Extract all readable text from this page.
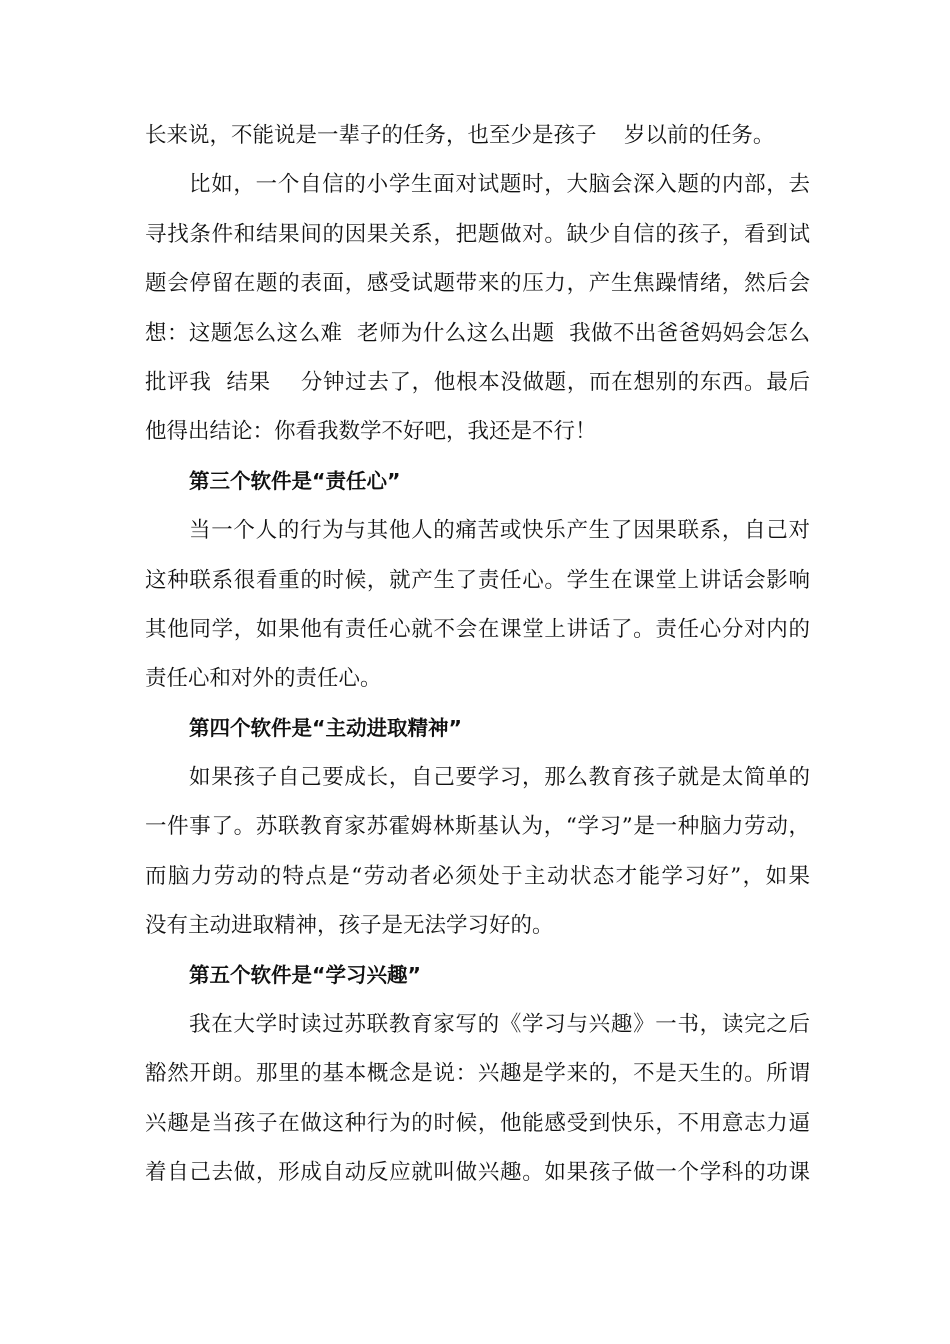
长来说，不能说是一辈子的任务，也至少是孩子    岁以前的任务。
比如，一个自信的小学生面对试题时，大脑会深入题的内部，去
寻找条件和结果间的因果关系，把题做对。缺少自信的孩子，看到试
题会停留在题的表面，感受试题带来的压力，产生焦躁情绪，然后会
想：这题怎么这么难  老师为什么这么出题  我做不出爸爸妈妈会怎么
批评我  结果    分钟过去了，他根本没做题，而在想别的东西。最后
他得出结论：你看我数学不好吧，我还是不行！
第三个软件是“责任心”
当一个人的行为与其他人的痛苦或快乐产生了因果联系，自己对
这种联系很看重的时候，就产生了责任心。学生在课堂上讲话会影响
其他同学，如果他有责任心就不会在课堂上讲话了。责任心分对内的
责任心和对外的责任心。
第四个软件是“主动进取精神”
如果孩子自己要成长，自己要学习，那么教育孩子就是太简单的
一件事了。苏联教育家苏霍姆林斯基认为，“学习”是一种脑力劳动，
而脑力劳动的特点是“劳动者必须处于主动状态才能学习好”，如果
没有主动进取精神，孩子是无法学习好的。
第五个软件是“学习兴趣”
我在大学时读过苏联教育家写的《学习与兴趣》一书，读完之后
豁然开朗。那里的基本概念是说：兴趣是学来的，不是天生的。所谓
兴趣是当孩子在做这种行为的时候，他能感受到快乐，不用意志力逼
着自己去做，形成自动反应就叫做兴趣。如果孩子做一个学科的功课
